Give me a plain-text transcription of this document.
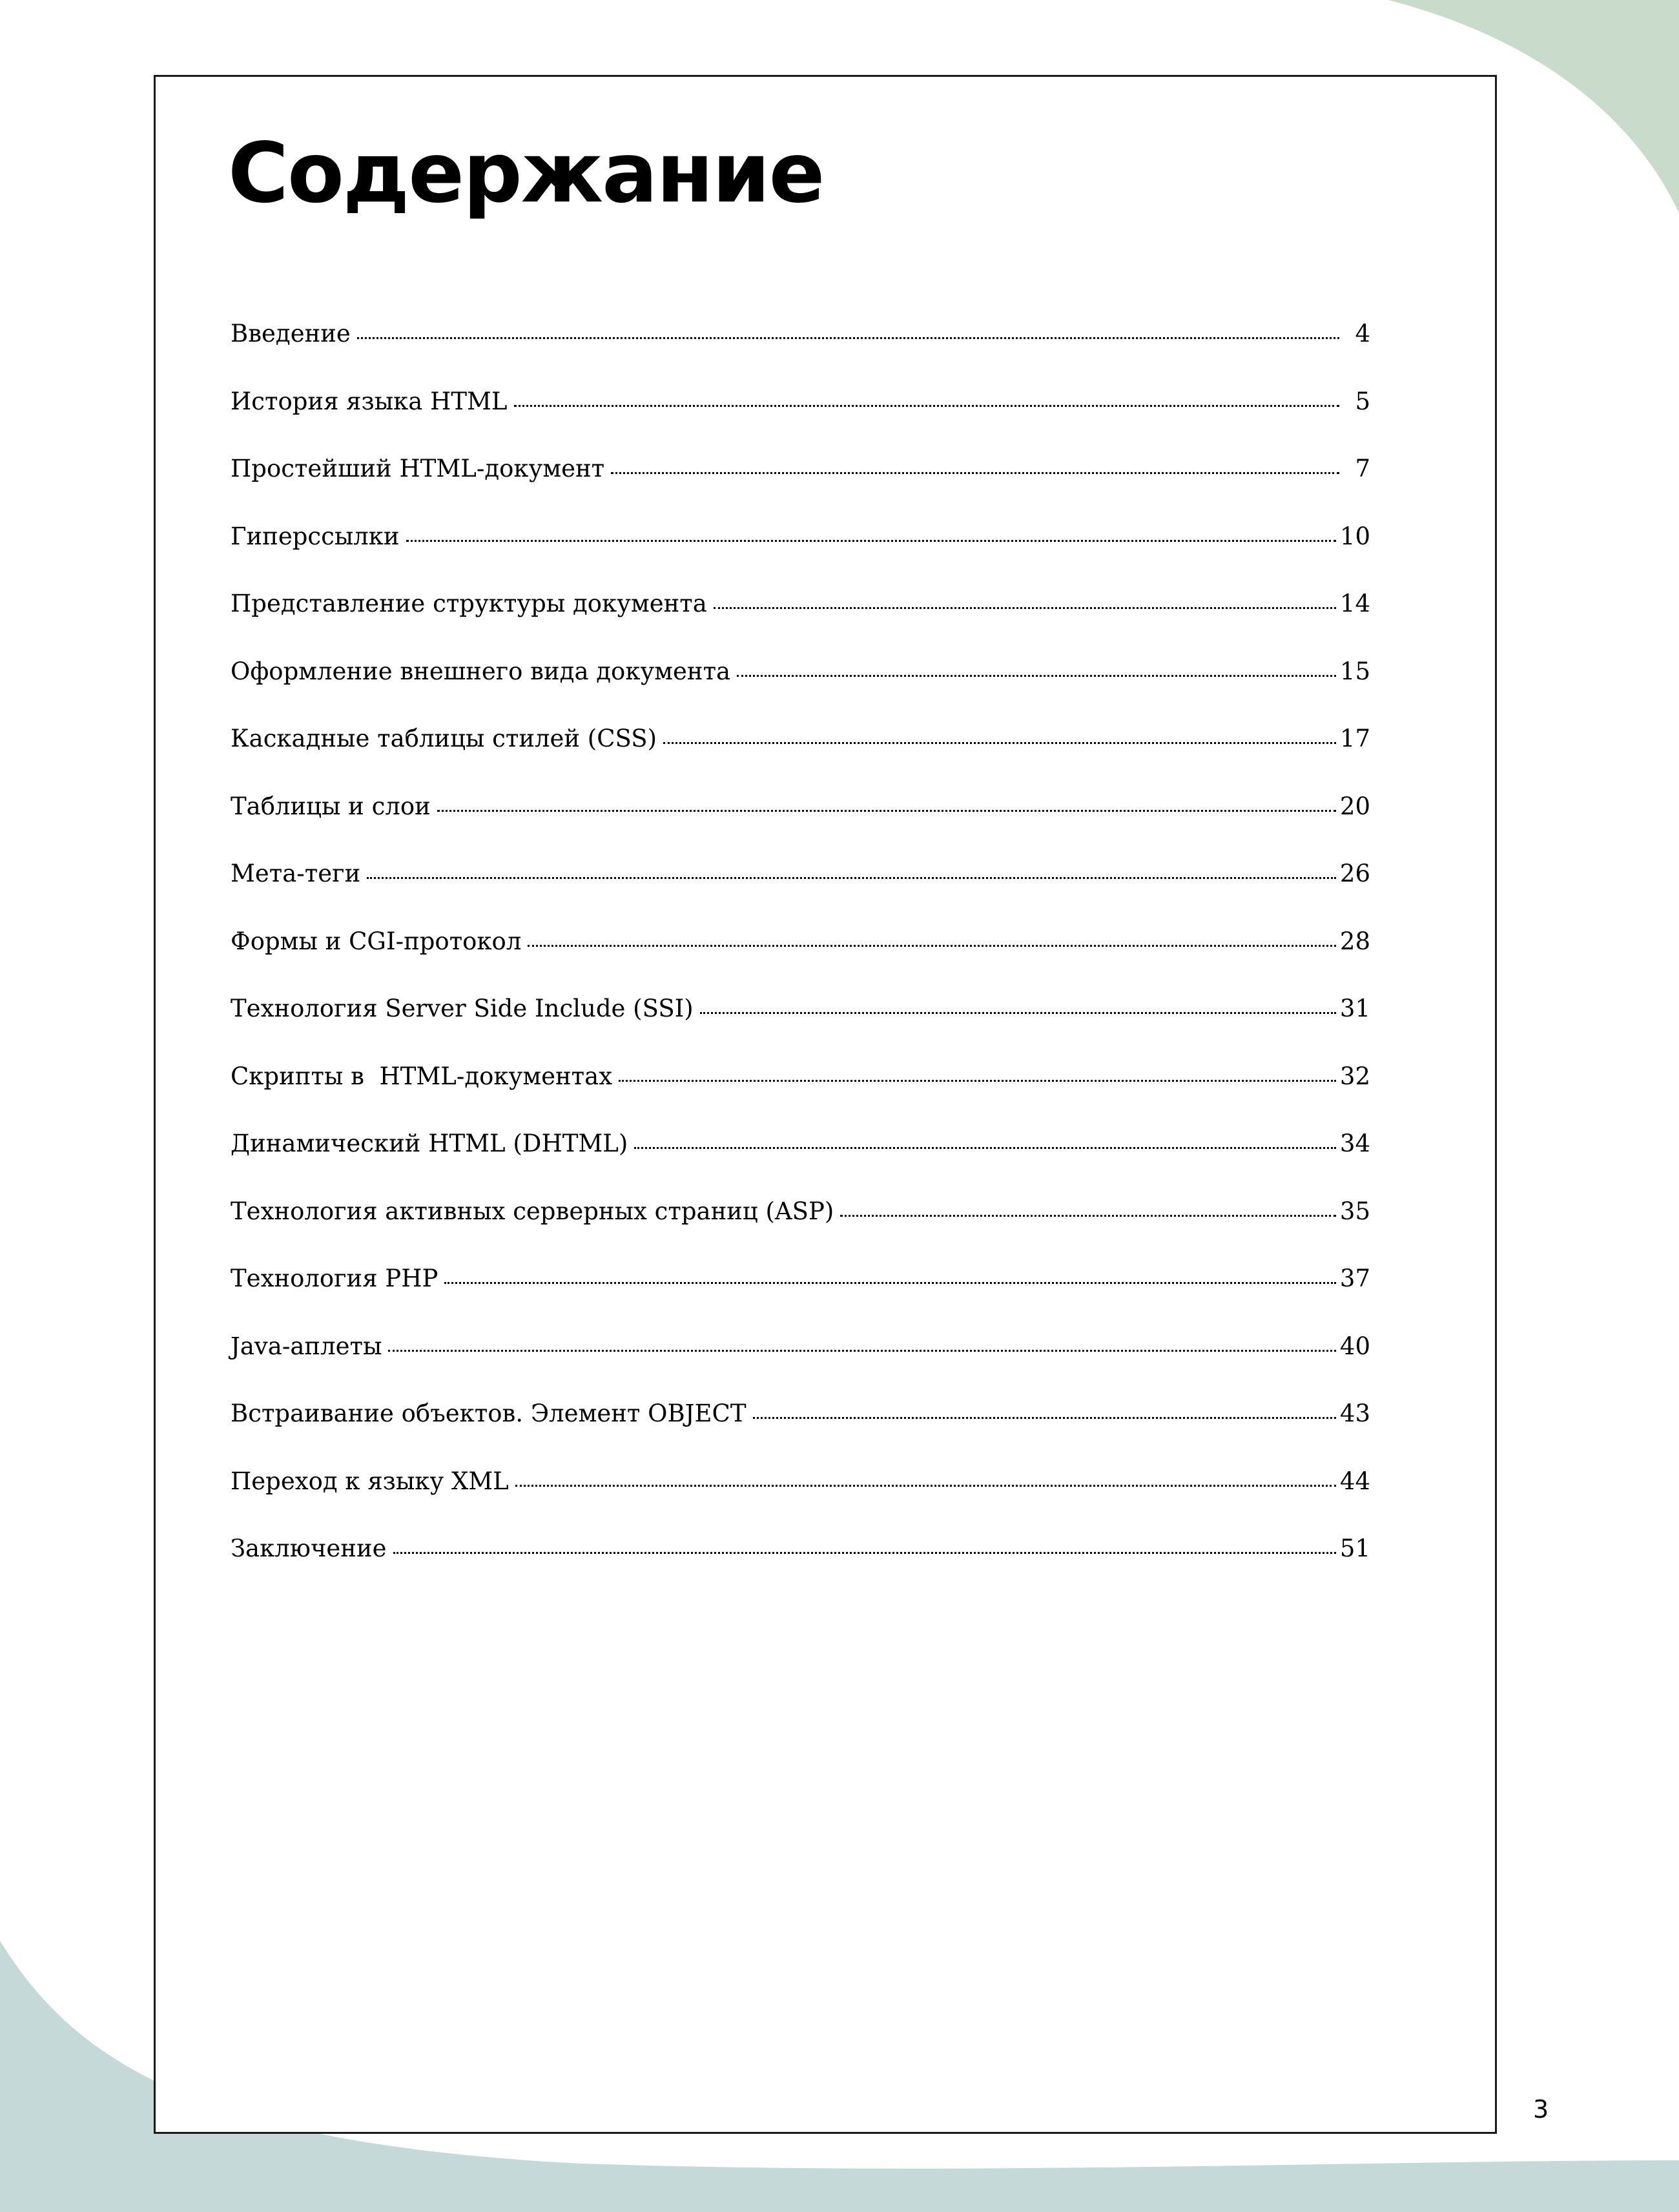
Содержание
Введение	4
История языка HTML	5
Простейший HTML-документ	7
Гиперссылки	10
Представление структуры документа	14
Оформление внешнего вида документа	15
Каскадные таблицы стилей (CSS)	17
Таблицы и слои	20
Мета-теги	26
Формы и CGI-протокол	28
Технология Server Side Include (SSI)	31
Скрипты в  HTML-документах	32
Динамический HTML (DHTML)	34
Технология активных серверных страниц (ASP)	35
Технология PHP	37
Java-аплеты	40
Встраивание объектов. Элемент OBJECT	43
Переход к языку XML	44
Заключение	51
3
